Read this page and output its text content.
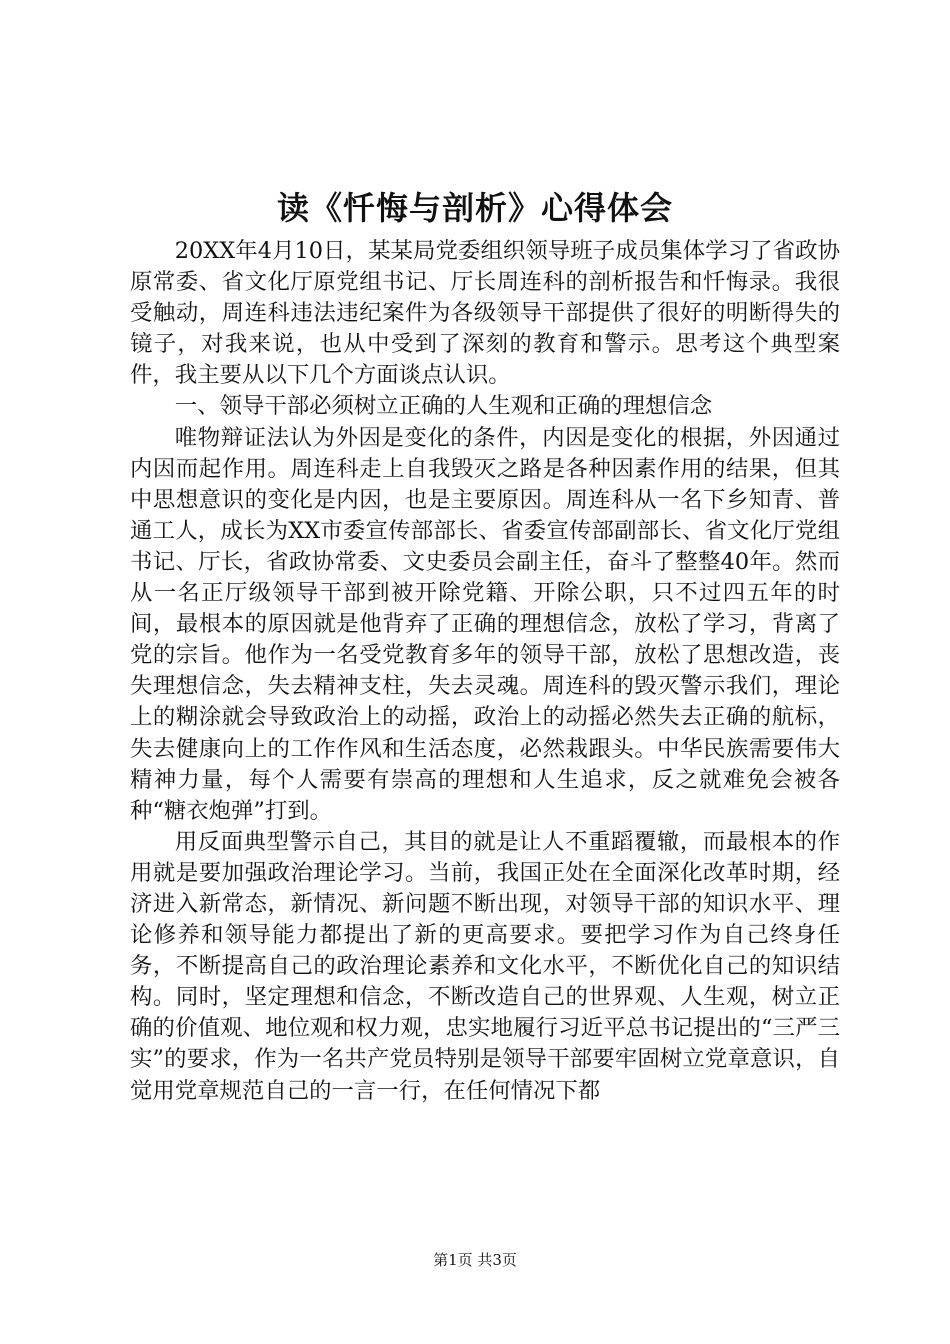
读《忏悔与剖析》心得体会

20XX年4月10日，某某局党委组织领导班子成员集体学习了省政协原常委、省文化厅原党组书记、厅长周连科的剖析报告和忏悔录。我很受触动，周连科违法违纪案件为各级领导干部提供了很好的明断得失的镜子，对我来说，也从中受到了深刻的教育和警示。思考这个典型案件，我主要从以下几个方面谈点认识。

一、领导干部必须树立正确的人生观和正确的理想信念

唯物辩证法认为外因是变化的条件，内因是变化的根据，外因通过内因而起作用。周连科走上自我毁灭之路是各种因素作用的结果，但其中思想意识的变化是内因，也是主要原因。周连科从一名下乡知青、普通工人，成长为XX市委宣传部部长、省委宣传部副部长、省文化厅党组书记、厅长，省政协常委、文史委员会副主任，奋斗了整整40年。然而从一名正厅级领导干部到被开除党籍、开除公职，只不过四五年的时间，最根本的原因就是他背弃了正确的理想信念，放松了学习，背离了党的宗旨。他作为一名受党教育多年的领导干部，放松了思想改造，丧失理想信念，失去精神支柱，失去灵魂。周连科的毁灭警示我们，理论上的糊涂就会导致政治上的动摇，政治上的动摇必然失去正确的航标，失去健康向上的工作作风和生活态度，必然栽跟头。中华民族需要伟大精神力量，每个人需要有崇高的理想和人生追求，反之就难免会被各种“糖衣炮弹”打到。

用反面典型警示自己，其目的就是让人不重蹈覆辙，而最根本的作用就是要加强政治理论学习。当前，我国正处在全面深化改革时期，经济进入新常态，新情况、新问题不断出现，对领导干部的知识水平、理论修养和领导能力都提出了新的更高要求。要把学习作为自己终身任务，不断提高自己的政治理论素养和文化水平，不断优化自己的知识结构。同时，坚定理想和信念，不断改造自己的世界观、人生观，树立正确的价值观、地位观和权力观，忠实地履行习近平总书记提出的“三严三实”的要求，作为一名共产党员特别是领导干部要牢固树立党章意识，自觉用党章规范自己的一言一行，在任何情况下都

第1页 共3页
